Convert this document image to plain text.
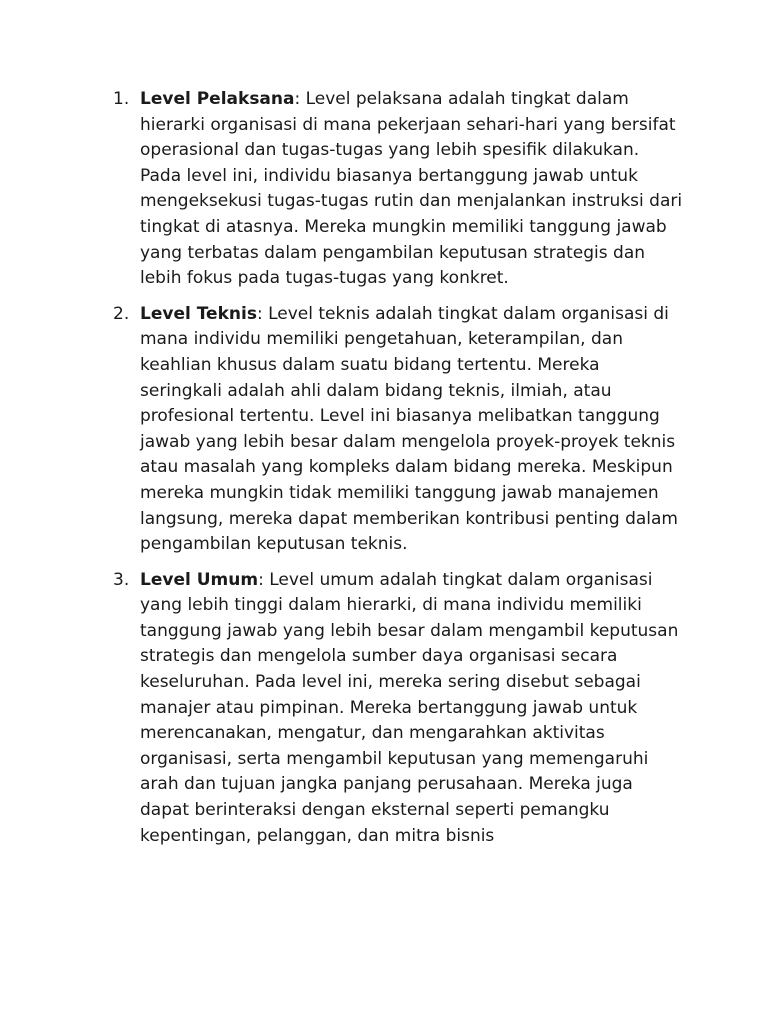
1. Level Pelaksana: Level pelaksana adalah tingkat dalam hierarki organisasi di mana pekerjaan sehari-hari yang bersifat operasional dan tugas-tugas yang lebih spesifik dilakukan. Pada level ini, individu biasanya bertanggung jawab untuk mengeksekusi tugas-tugas rutin dan menjalankan instruksi dari tingkat di atasnya. Mereka mungkin memiliki tanggung jawab yang terbatas dalam pengambilan keputusan strategis dan lebih fokus pada tugas-tugas yang konkret.
2. Level Teknis: Level teknis adalah tingkat dalam organisasi di mana individu memiliki pengetahuan, keterampilan, dan keahlian khusus dalam suatu bidang tertentu. Mereka seringkali adalah ahli dalam bidang teknis, ilmiah, atau profesional tertentu. Level ini biasanya melibatkan tanggung jawab yang lebih besar dalam mengelola proyek-proyek teknis atau masalah yang kompleks dalam bidang mereka. Meskipun mereka mungkin tidak memiliki tanggung jawab manajemen langsung, mereka dapat memberikan kontribusi penting dalam pengambilan keputusan teknis.
3. Level Umum: Level umum adalah tingkat dalam organisasi yang lebih tinggi dalam hierarki, di mana individu memiliki tanggung jawab yang lebih besar dalam mengambil keputusan strategis dan mengelola sumber daya organisasi secara keseluruhan. Pada level ini, mereka sering disebut sebagai manajer atau pimpinan. Mereka bertanggung jawab untuk merencanakan, mengatur, dan mengarahkan aktivitas organisasi, serta mengambil keputusan yang memengaruhi arah dan tujuan jangka panjang perusahaan. Mereka juga dapat berinteraksi dengan eksternal seperti pemangku kepentingan, pelanggan, dan mitra bisnis
